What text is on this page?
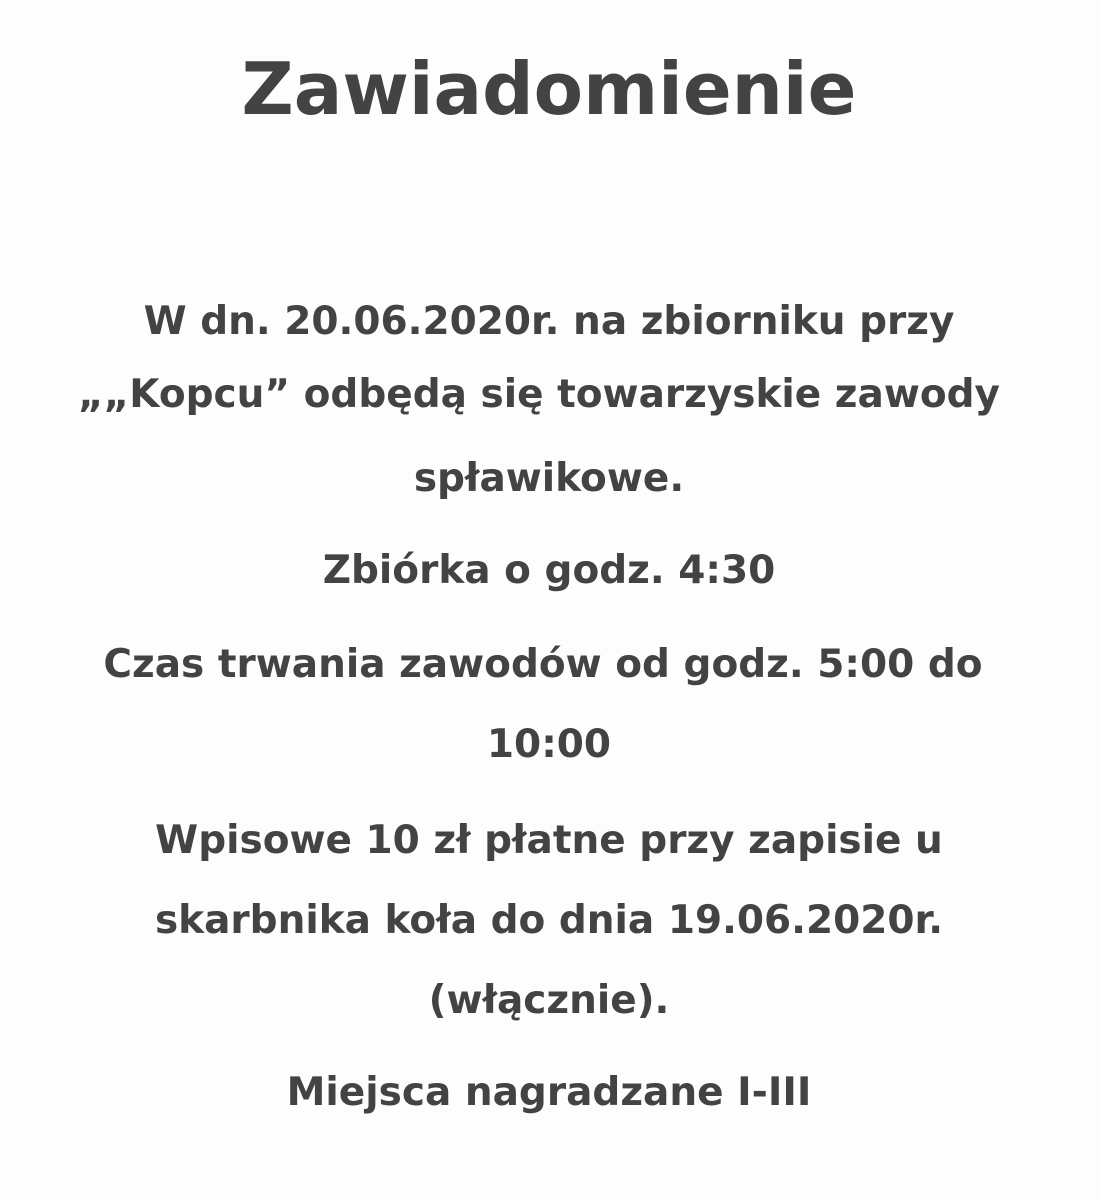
Zawiadomienie

W dn. 20.06.2020r. na zbiorniku przy

„„Kopcu” odbędą się towarzyskie zawody

spławikowe.

Zbiórka o godz. 4:30

Czas trwania zawodów od godz. 5:00 do

10:00

Wpisowe 10 zł płatne przy zapisie u

skarbnika koła do dnia 19.06.2020r.

(włącznie).

Miejsca nagradzane I-III
